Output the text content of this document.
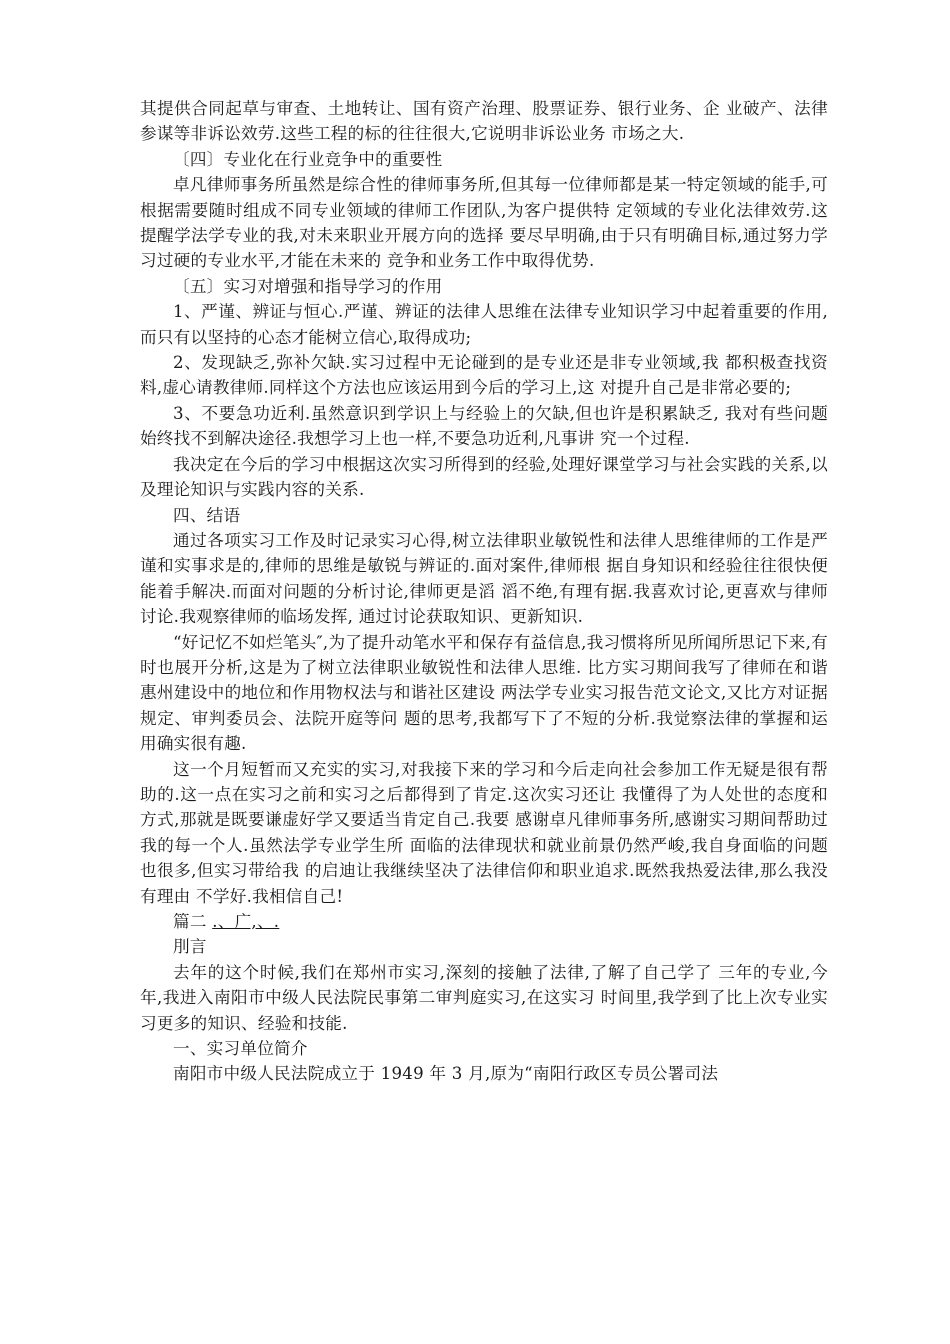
其提供合同起草与审查、土地转让、国有资产治理、股票证券、银行业务、企 业破产、法律参谋等非诉讼效劳.这些工程的标的往往很大,它说明非诉讼业务 市场之大.

〔四〕专业化在行业竞争中的重要性

卓凡律师事务所虽然是综合性的律师事务所,但其每一位律师都是某一特定领域的能手,可根据需要随时组成不同专业领域的律师工作团队,为客户提供特 定领域的专业化法律效劳.这提醒学法学专业的我,对未来职业开展方向的选择 要尽早明确,由于只有明确目标,通过努力学习过硬的专业水平,才能在未来的 竞争和业务工作中取得优势.

〔五〕实习对增强和指导学习的作用

1、严谨、辨证与恒心.严谨、辨证的法律人思维在法律专业知识学习中起着重要的作用,而只有以坚持的心态才能树立信心,取得成功;

2、发现缺乏,弥补欠缺.实习过程中无论碰到的是专业还是非专业领域,我 都积极查找资料,虚心请教律师.同样这个方法也应该运用到今后的学习上,这 对提升自己是非常必要的;

3、不要急功近利.虽然意识到学识上与经验上的欠缺,但也许是积累缺乏, 我对有些问题始终找不到解决途径.我想学习上也一样,不要急功近利,凡事讲 究一个过程.

我决定在今后的学习中根据这次实习所得到的经验,处理好课堂学习与社会实践的关系,以及理论知识与实践内容的关系.

四、结语

通过各项实习工作及时记录实习心得,树立法律职业敏锐性和法律人思维律师的工作是严谨和实事求是的,律师的思维是敏锐与辨证的.面对案件,律师根 据自身知识和经验往往很快便能着手解决.而面对问题的分析讨论,律师更是滔 滔不绝,有理有据.我喜欢讨论,更喜欢与律师讨论.我观察律师的临场发挥, 通过讨论获取知识、更新知识.

“好记忆不如烂笔头″,为了提升动笔水平和保存有益信息,我习惯将所见所闻所思记下来,有时也展开分析,这是为了树立法律职业敏锐性和法律人思维. 比方实习期间我写了律师在和谐惠州建设中的地位和作用物权法与和谐社区建设 两法学专业实习报告范文论文,又比方对证据规定、审判委员会、法院开庭等问 题的思考,我都写下了不短的分析.我觉察法律的掌握和运用确实很有趣.

这一个月短暂而又充实的实习,对我接下来的学习和今后走向社会参加工作无疑是很有帮助的.这一点在实习之前和实习之后都得到了肯定.这次实习还让 我懂得了为人处世的态度和方式,那就是既要谦虚好学又要适当肯定自己.我要 感谢卓凡律师事务所,感谢实习期间帮助过我的每一个人.虽然法学专业学生所 面临的法律现状和就业前景仍然严峻,我自身面临的问题也很多,但实习带给我 的启迪让我继续坚决了法律信仰和职业追求.既然我热爱法律,那么我没有理由 不学好.我相信自己!

篇二 .、广,、.

刖言

去年的这个时候,我们在郑州市实习,深刻的接触了法律,了解了自己学了 三年的专业,今年,我进入南阳市中级人民法院民事第二审判庭实习,在这实习 时间里,我学到了比上次专业实习更多的知识、经验和技能.

一、实习单位简介

南阳市中级人民法院成立于 1949 年 3 月,原为“南阳行政区专员公署司法
